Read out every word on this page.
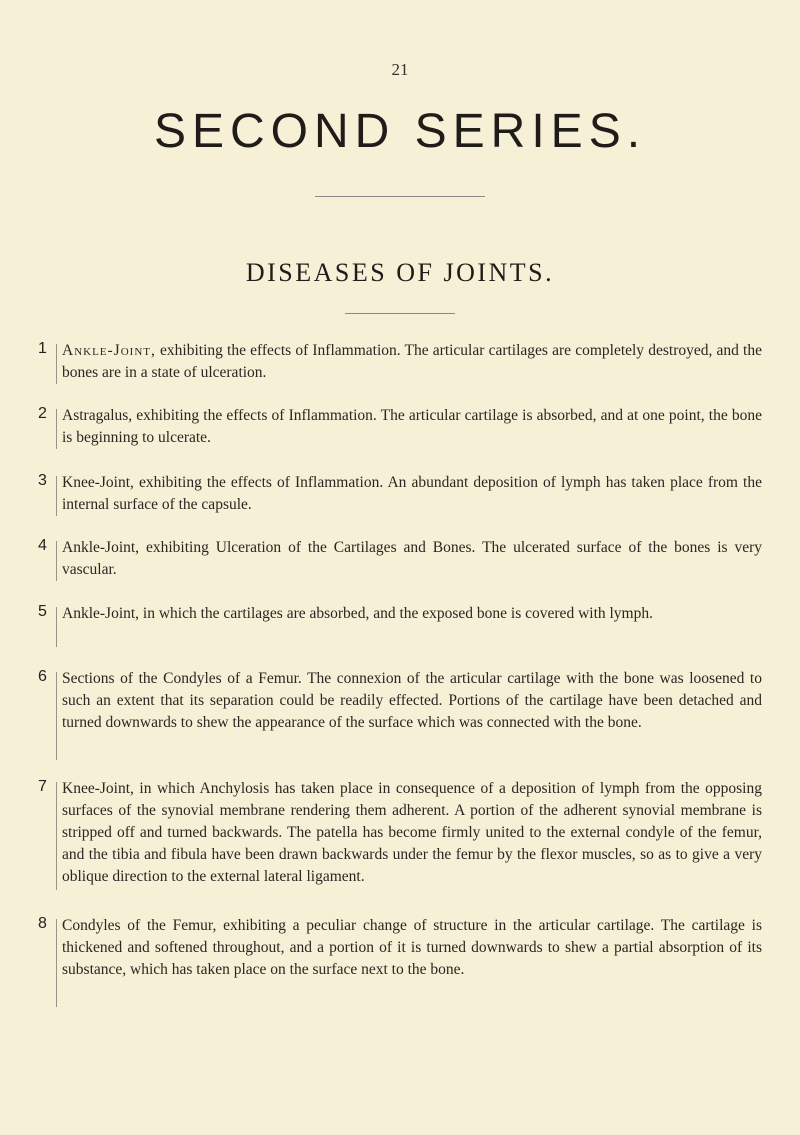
21
SECOND SERIES.
DISEASES OF JOINTS.
1 Ankle-Joint, exhibiting the effects of Inflammation. The articular cartilages are completely destroyed, and the bones are in a state of ulceration.

2 Astragalus, exhibiting the effects of Inflammation. The articular cartilage is absorbed, and at one point, the bone is beginning to ulcerate.

3 Knee-Joint, exhibiting the effects of Inflammation. An abundant deposition of lymph has taken place from the internal surface of the capsule.

4 Ankle-Joint, exhibiting Ulceration of the Cartilages and Bones. The ulcerated surface of the bones is very vascular.

5 Ankle-Joint, in which the cartilages are absorbed, and the exposed bone is covered with lymph.

6 Sections of the Condyles of a Femur. The connexion of the articular cartilage with the bone was loosened to such an extent that its separation could be readily effected. Portions of the cartilage have been detached and turned downwards to shew the appearance of the surface which was connected with the bone.

7 Knee-Joint, in which Anchylosis has taken place in consequence of a deposition of lymph from the opposing surfaces of the synovial membrane rendering them adherent. A portion of the adherent synovial membrane is stripped off and turned backwards. The patella has become firmly united to the external condyle of the femur, and the tibia and fibula have been drawn backwards under the femur by the flexor muscles, so as to give a very oblique direction to the external lateral ligament.

8 Condyles of the Femur, exhibiting a peculiar change of structure in the articular cartilage. The cartilage is thickened and softened throughout, and a portion of it is turned downwards to shew a partial absorption of its substance, which has taken place on the surface next to the bone.
